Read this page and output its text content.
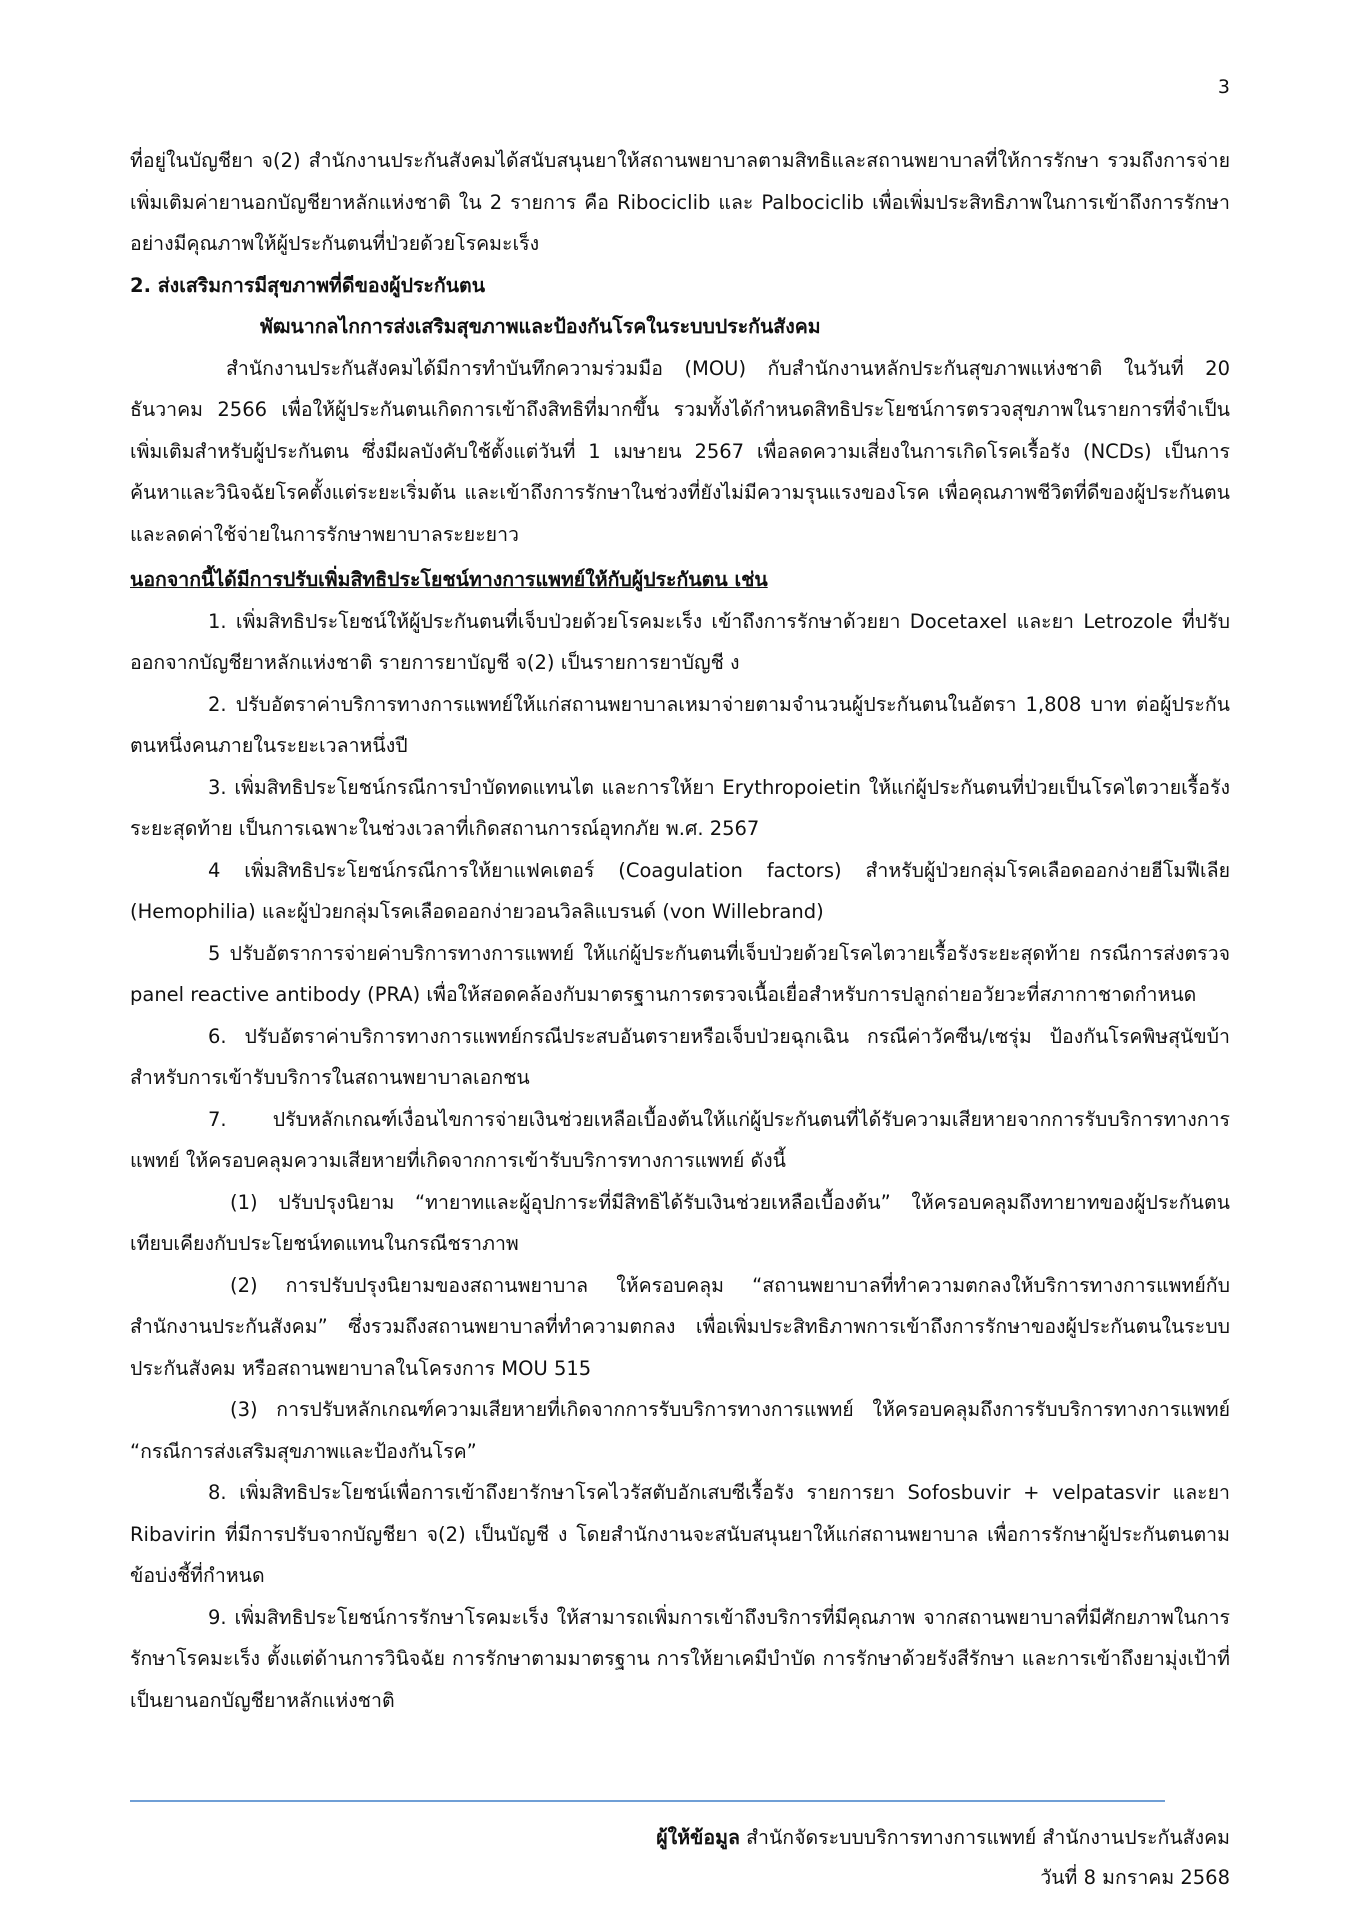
3

ที่อยู่ในบัญชียา จ(2) สำนักงานประกันสังคมได้สนับสนุนยาให้สถานพยาบาลตามสิทธิและสถานพยาบาลที่ให้การรักษา รวมถึงการจ่ายเพิ่มเติมค่ายานอกบัญชียาหลักแห่งชาติ ใน 2 รายการ คือ Ribociclib และ Palbociclib เพื่อเพิ่มประสิทธิภาพในการเข้าถึงการรักษาอย่างมีคุณภาพให้ผู้ประกันตนที่ป่วยด้วยโรคมะเร็ง

2. ส่งเสริมการมีสุขภาพที่ดีของผู้ประกันตน

พัฒนากลไกการส่งเสริมสุขภาพและป้องกันโรคในระบบประกันสังคม

สำนักงานประกันสังคมได้มีการทำบันทึกความร่วมมือ (MOU) กับสำนักงานหลักประกันสุขภาพแห่งชาติ ในวันที่ 20 ธันวาคม 2566 เพื่อให้ผู้ประกันตนเกิดการเข้าถึงสิทธิที่มากขึ้น รวมทั้งได้กำหนดสิทธิประโยชน์การตรวจสุขภาพในรายการที่จำเป็นเพิ่มเติมสำหรับผู้ประกันตน ซึ่งมีผลบังคับใช้ตั้งแต่วันที่ 1 เมษายน 2567 เพื่อลดความเสี่ยงในการเกิดโรคเรื้อรัง (NCDs) เป็นการค้นหาและวินิจฉัยโรคตั้งแต่ระยะเริ่มต้น และเข้าถึงการรักษาในช่วงที่ยังไม่มีความรุนแรงของโรค เพื่อคุณภาพชีวิตที่ดีของผู้ประกันตน และลดค่าใช้จ่ายในการรักษาพยาบาลระยะยาว

นอกจากนี้ได้มีการปรับเพิ่มสิทธิประโยชน์ทางการแพทย์ให้กับผู้ประกันตน เช่น

1. เพิ่มสิทธิประโยชน์ให้ผู้ประกันตนที่เจ็บป่วยด้วยโรคมะเร็ง เข้าถึงการรักษาด้วยยา Docetaxel และยา Letrozole ที่ปรับออกจากบัญชียาหลักแห่งชาติ รายการยาบัญชี จ(2) เป็นรายการยาบัญชี ง

2. ปรับอัตราค่าบริการทางการแพทย์ให้แก่สถานพยาบาลเหมาจ่ายตามจำนวนผู้ประกันตนในอัตรา 1,808 บาท ต่อผู้ประกันตนหนึ่งคนภายในระยะเวลาหนึ่งปี

3. เพิ่มสิทธิประโยชน์กรณีการบำบัดทดแทนไต และการให้ยา Erythropoietin ให้แก่ผู้ประกันตนที่ป่วยเป็นโรคไตวายเรื้อรังระยะสุดท้าย เป็นการเฉพาะในช่วงเวลาที่เกิดสถานการณ์อุทกภัย พ.ศ. 2567

4 เพิ่มสิทธิประโยชน์กรณีการให้ยาแฟคเตอร์ (Coagulation factors) สำหรับผู้ป่วยกลุ่มโรคเลือดออกง่ายฮีโมฟีเลีย (Hemophilia) และผู้ป่วยกลุ่มโรคเลือดออกง่ายวอนวิลลิแบรนด์ (von Willebrand)

5 ปรับอัตราการจ่ายค่าบริการทางการแพทย์ ให้แก่ผู้ประกันตนที่เจ็บป่วยด้วยโรคไตวายเรื้อรังระยะสุดท้าย กรณีการส่งตรวจ panel reactive antibody (PRA) เพื่อให้สอดคล้องกับมาตรฐานการตรวจเนื้อเยื่อสำหรับการปลูกถ่ายอวัยวะที่สภากาชาดกำหนด

6. ปรับอัตราค่าบริการทางการแพทย์กรณีประสบอันตรายหรือเจ็บป่วยฉุกเฉิน กรณีค่าวัคซีน/เซรุ่ม ป้องกันโรคพิษสุนัขบ้า สำหรับการเข้ารับบริการในสถานพยาบาลเอกชน

7. ปรับหลักเกณฑ์เงื่อนไขการจ่ายเงินช่วยเหลือเบื้องต้นให้แก่ผู้ประกันตนที่ได้รับความเสียหายจากการรับบริการทางการแพทย์ ให้ครอบคลุมความเสียหายที่เกิดจากการเข้ารับบริการทางการแพทย์ ดังนี้

(1) ปรับปรุงนิยาม “ทายาทและผู้อุปการะที่มีสิทธิได้รับเงินช่วยเหลือเบื้องต้น” ให้ครอบคลุมถึงทายาทของผู้ประกันตนเทียบเคียงกับประโยชน์ทดแทนในกรณีชราภาพ

(2) การปรับปรุงนิยามของสถานพยาบาล ให้ครอบคลุม “สถานพยาบาลที่ทำความตกลงให้บริการทางการแพทย์กับสำนักงานประกันสังคม” ซึ่งรวมถึงสถานพยาบาลที่ทำความตกลง เพื่อเพิ่มประสิทธิภาพการเข้าถึงการรักษาของผู้ประกันตนในระบบประกันสังคม หรือสถานพยาบาลในโครงการ MOU 515

(3) การปรับหลักเกณฑ์ความเสียหายที่เกิดจากการรับบริการทางการแพทย์ ให้ครอบคลุมถึงการรับบริการทางการแพทย์ “กรณีการส่งเสริมสุขภาพและป้องกันโรค”

8. เพิ่มสิทธิประโยชน์เพื่อการเข้าถึงยารักษาโรคไวรัสตับอักเสบซีเรื้อรัง รายการยา Sofosbuvir + velpatasvir และยา Ribavirin ที่มีการปรับจากบัญชียา จ(2) เป็นบัญชี ง โดยสำนักงานจะสนับสนุนยาให้แก่สถานพยาบาล เพื่อการรักษาผู้ประกันตนตามข้อบ่งชี้ที่กำหนด

9. เพิ่มสิทธิประโยชน์การรักษาโรคมะเร็ง ให้สามารถเพิ่มการเข้าถึงบริการที่มีคุณภาพ จากสถานพยาบาลที่มีศักยภาพในการรักษาโรคมะเร็ง ตั้งแต่ด้านการวินิจฉัย การรักษาตามมาตรฐาน การให้ยาเคมีบำบัด การรักษาด้วยรังสีรักษา และการเข้าถึงยามุ่งเป้าที่เป็นยานอกบัญชียาหลักแห่งชาติ

ผู้ให้ข้อมูล สำนักจัดระบบบริการทางการแพทย์ สำนักงานประกันสังคม
วันที่ 8 มกราคม 2568
